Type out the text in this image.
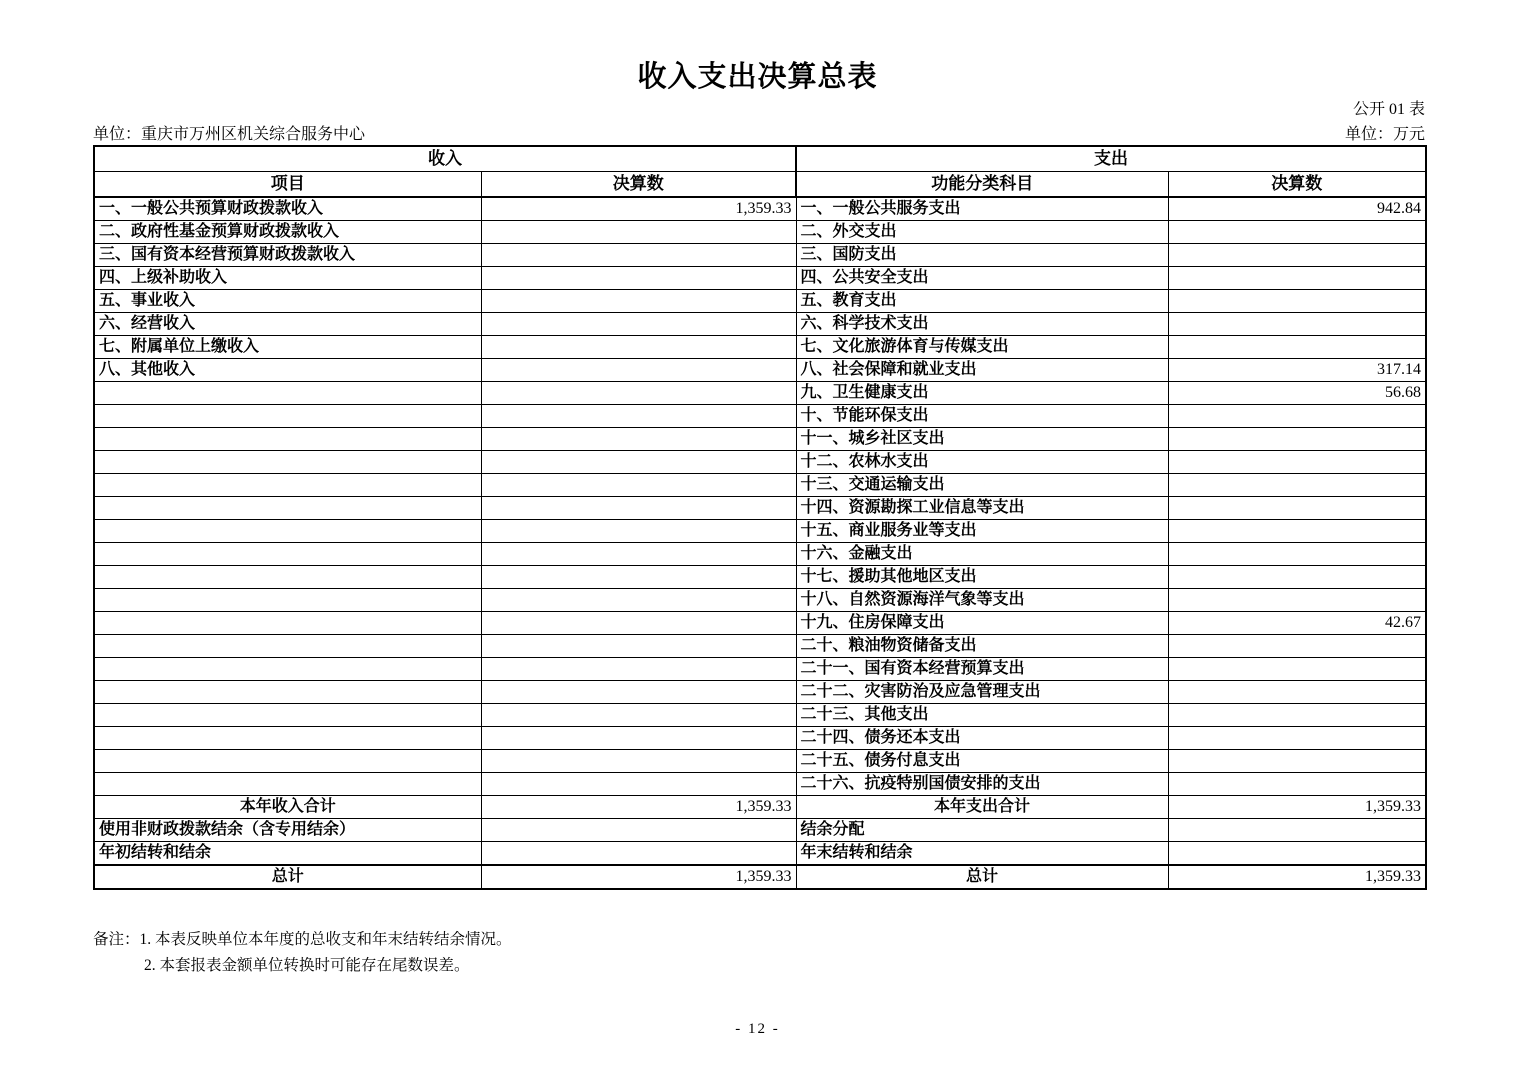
收入支出决算总表
公开 01 表
单位：重庆市万州区机关综合服务中心	单位：万元
收入		支出	
项目	决算数	功能分类科目	决算数
一、一般公共预算财政拨款收入	1,359.33	一、一般公共服务支出	942.84
二、政府性基金预算财政拨款收入		二、外交支出	
三、国有资本经营预算财政拨款收入		三、国防支出	
四、上级补助收入		四、公共安全支出	
五、事业收入		五、教育支出	
六、经营收入		六、科学技术支出	
七、附属单位上缴收入		七、文化旅游体育与传媒支出	
八、其他收入		八、社会保障和就业支出	317.14
		九、卫生健康支出	56.68
		十、节能环保支出	
		十一、城乡社区支出	
		十二、农林水支出	
		十三、交通运输支出	
		十四、资源勘探工业信息等支出	
		十五、商业服务业等支出	
		十六、金融支出	
		十七、援助其他地区支出	
		十八、自然资源海洋气象等支出	
		十九、住房保障支出	42.67
		二十、粮油物资储备支出	
		二十一、国有资本经营预算支出	
		二十二、灾害防治及应急管理支出	
		二十三、其他支出	
		二十四、债务还本支出	
		二十五、债务付息支出	
		二十六、抗疫特别国债安排的支出	
本年收入合计	1,359.33	本年支出合计	1,359.33
使用非财政拨款结余（含专用结余）		结余分配	
年初结转和结余		年末结转和结余	
总计	1,359.33	总计	1,359.33
备注：1. 本表反映单位本年度的总收支和年末结转结余情况。
2. 本套报表金额单位转换时可能存在尾数误差。
- 12 -
